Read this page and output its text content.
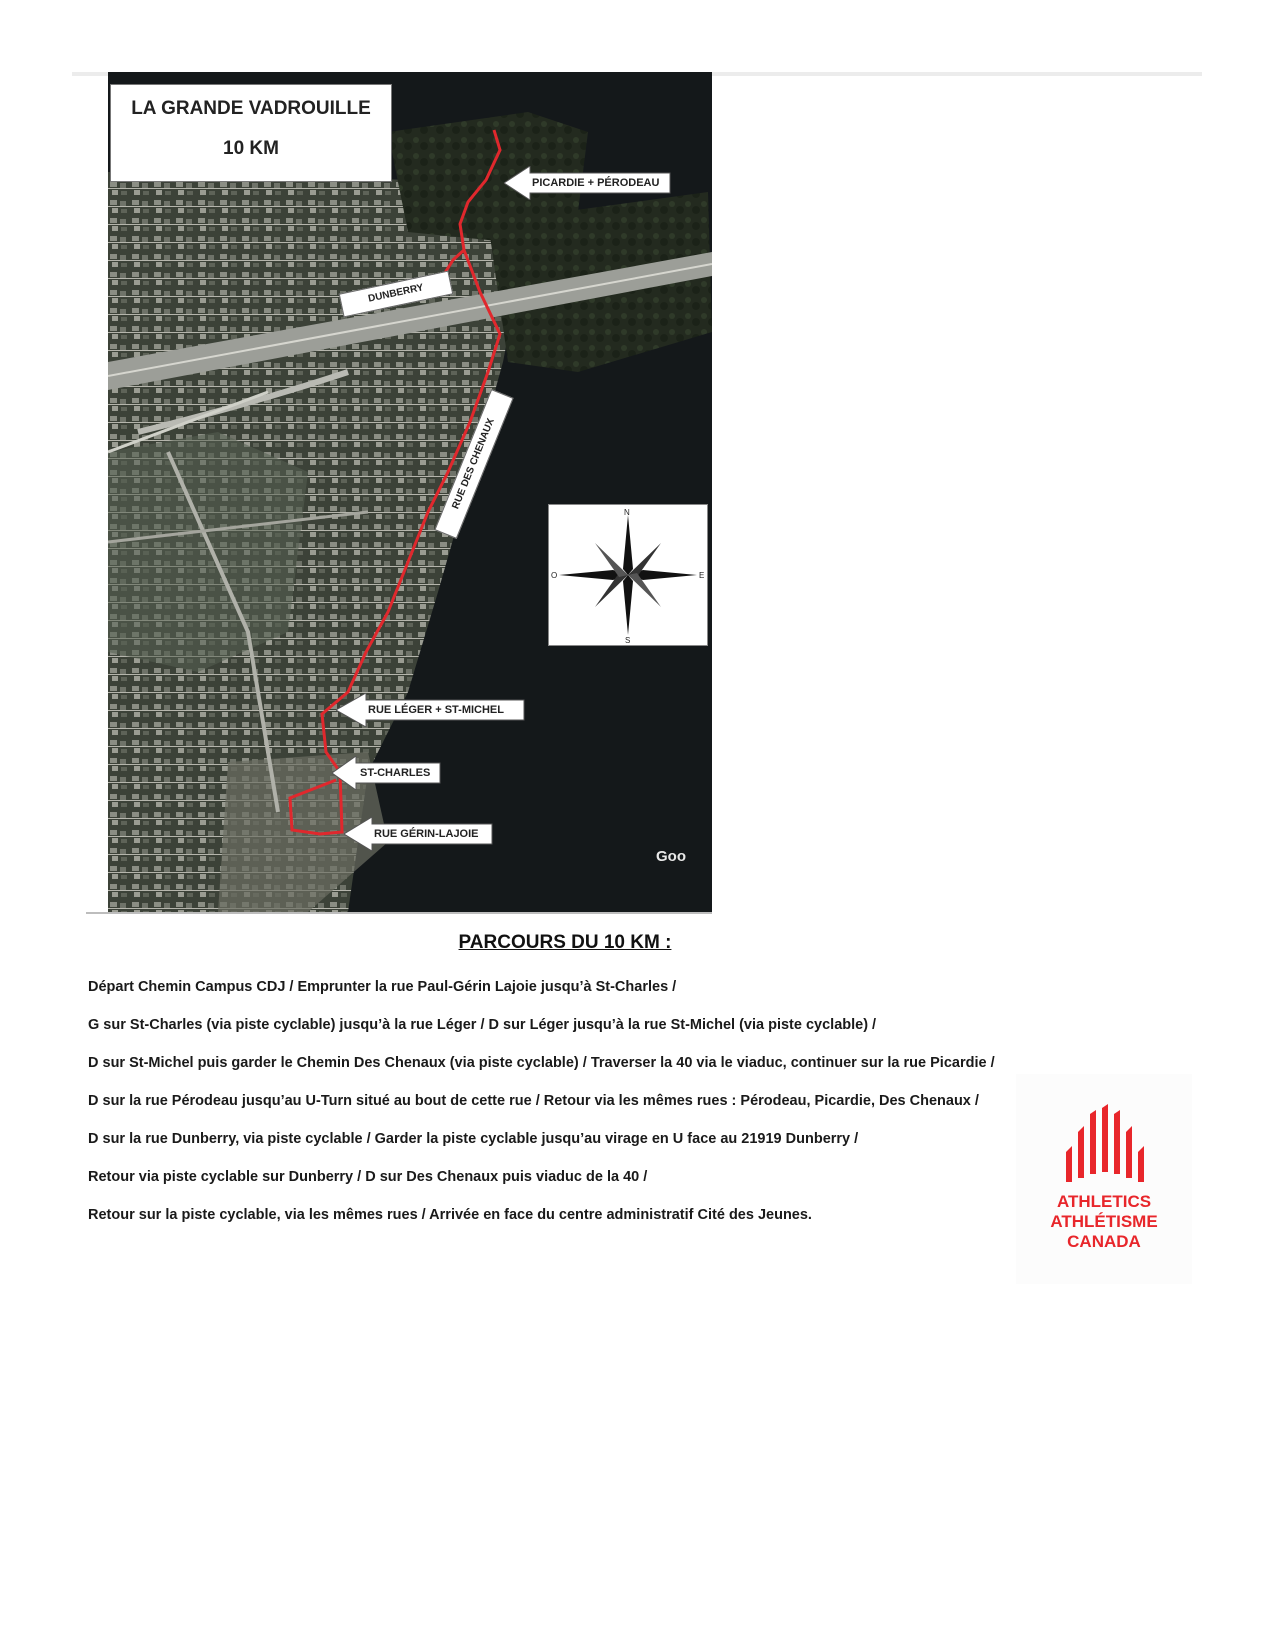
LA GRANDE VADROUILLE
10 KM
PICARDIE + PÉRODEAU
DUNBERRY
RUE DES CHENAUX
N
S
O	E
RUE LÉGER + ST-MICHEL
ST-CHARLES
RUE GÉRIN-LAJOIE
Goo
PARCOURS DU 10 KM :
Départ Chemin Campus CDJ / Emprunter la rue Paul-Gérin Lajoie jusqu’à St-Charles /
G sur St-Charles (via piste cyclable) jusqu’à la rue Léger / D sur Léger jusqu’à la rue St-Michel (via piste cyclable) /
D sur St-Michel puis garder le Chemin Des Chenaux (via piste cyclable) / Traverser la 40 via le viaduc, continuer sur la rue Picardie /
D sur la rue Pérodeau jusqu’au U-Turn situé au bout de cette rue / Retour via les mêmes rues : Pérodeau, Picardie, Des Chenaux /
D sur la rue Dunberry, via piste cyclable / Garder la piste cyclable jusqu’au virage en U face au 21919 Dunberry /
Retour via piste cyclable sur Dunberry / D sur Des Chenaux puis viaduc de la 40 /
Retour sur la piste cyclable, via les mêmes rues / Arrivée en face du centre administratif Cité des Jeunes.
ATHLETICS
ATHLÉTISME
CANADA
